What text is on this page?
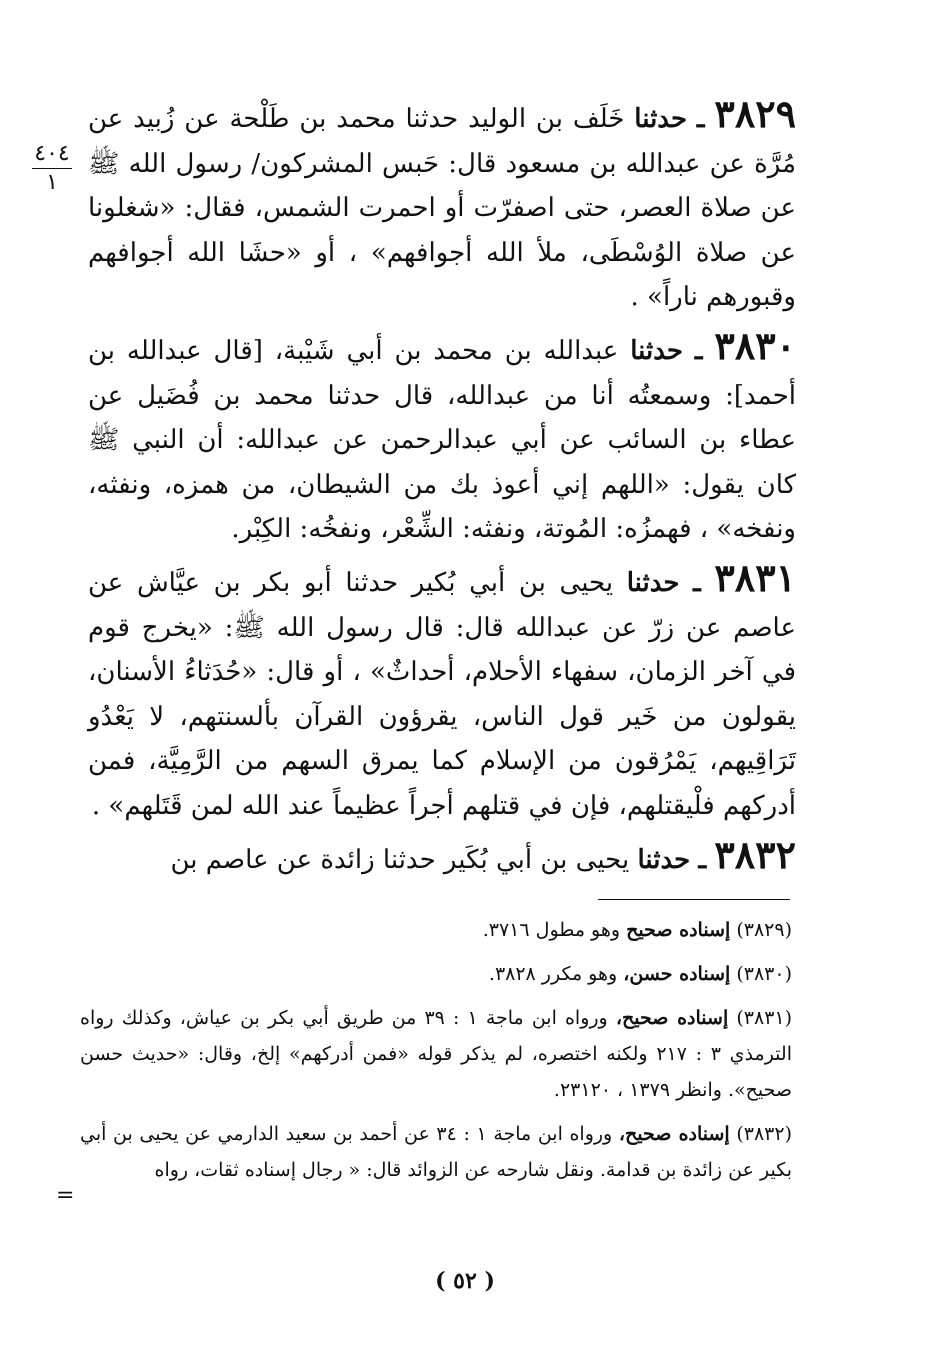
٤٠٤
١

٣٨٢٩ ـ حدثنا خَلَف بن الوليد حدثنا محمد بن طَلْحة عن زُبيد عن مُرَّة عن عبدالله بن مسعود قال: حَبس المشركون/ رسول الله ﷺ عن صلاة العصر، حتى اصفرّت أو احمرت الشمس، فقال: «شغلونا عن صلاة الوُسْطَى، ملأ الله أجوافهم» ، أو «حشَا الله أجوافهم وقبورهم ناراً» .

٣٨٣٠ ـ حدثنا عبدالله بن محمد بن أبي شَيْبة، [قال عبدالله بن أحمد]: وسمعتُه أنا من عبدالله، قال حدثنا محمد بن فُضَيل عن عطاء بن السائب عن أبي عبدالرحمن عن عبدالله: أن النبي ﷺ كان يقول: «اللهم إني أعوذ بك من الشيطان، من همزه، ونفثه، ونفخه» ، فهمزُه: المُوتة، ونفثه: الشِّعْر، ونفخُه: الكِبْر.

٣٨٣١ ـ حدثنا يحيى بن أبي بُكير حدثنا أبو بكر بن عيَّاش عن عاصم عن زرّ عن عبدالله قال: قال رسول الله ﷺ: «يخرج قوم في آخر الزمان، سفهاء الأحلام، أحداثٌ» ، أو قال: «حُدَثاءُ الأسنان، يقولون من خَير قول الناس، يقرؤون القرآن بألسنتهم، لا يَعْدُو تَرَاقِيهم، يَمْرُقون من الإسلام كما يمرق السهم من الرَّمِيَّة، فمن أدركهم فلْيقتلهم، فإن في قتلهم أجراً عظيماً عند الله لمن قَتَلهم» .

٣٨٣٢ ـ حدثنا يحيى بن أبي بُكَير حدثنا زائدة عن عاصم بن

(٣٨٢٩) إسناده صحيح وهو مطول ٣٧١٦.

(٣٨٣٠) إسناده حسن، وهو مكرر ٣٨٢٨.

(٣٨٣١) إسناده صحيح، ورواه ابن ماجة ١ : ٣٩ من طريق أبي بكر بن عياش، وكذلك رواه الترمذي ٣ : ٢١٧ ولكنه اختصره، لم يذكر قوله «فمن أدركهم» إلخ، وقال: «حديث حسن صحيح». وانظر ١٣٧٩ ، ٢٣١٢٠.

(٣٨٣٢) إسناده صحيح، ورواه ابن ماجة ١ : ٣٤ عن أحمد بن سعيد الدارمي عن يحيى بن أبي بكير عن زائدة بن قدامة. ونقل شارحه عن الزوائد قال: « رجال إسناده ثقات، رواه

=
( ٥٢ )
